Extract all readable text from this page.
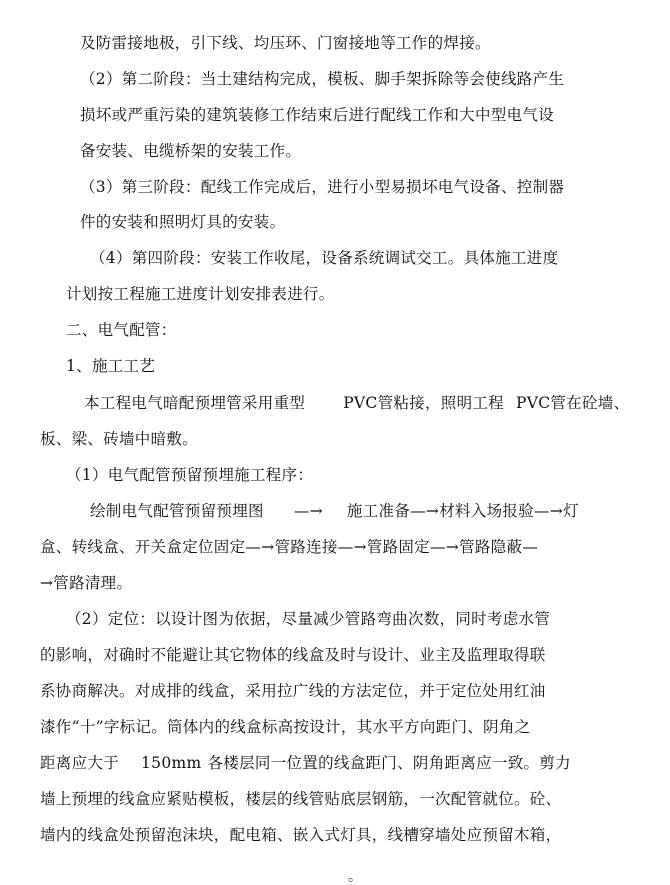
及防雷接地极，引下线、均压环、门窗接地等工作的焊接。
（2）第二阶段：当土建结构完成，模板、脚手架拆除等会使线路产生
损坏或严重污染的建筑装修工作结束后进行配线工作和大中型电气设
备安装、电缆桥架的安装工作。
（3）第三阶段：配线工作完成后，进行小型易损坏电气设备、控制器
件的安装和照明灯具的安装。
（4）第四阶段：安装工作收尾，设备系统调试交工。具体施工进度
计划按工程施工进度计划安排表进行。
二、电气配管：
1、施工工艺
本工程电气暗配预埋管采用重型 PVC管粘接，照明工程 PVC管在砼墙、
板、梁、砖墙中暗敷。
（1）电气配管预留预埋施工程序：
绘制电气配管预留预埋图 —→ 施工准备—→材料入场报验—→灯
盒、转线盒、开关盒定位固定—→管路连接—→管路固定—→管路隐蔽—
→管路清理。
（2）定位：以设计图为依据，尽量减少管路弯曲次数，同时考虑水管
的影响，对确时不能避让其它物体的线盒及时与设计、业主及监理取得联
系协商解决。对成排的线盒，采用拉广线的方法定位，并于定位处用红油
漆作“十”字标记。筒体内的线盒标高按设计，其水平方向距门、阴角之
距离应大于 150mm 各楼层同一位置的线盒距门、阴角距离应一致。剪力
墙上预埋的线盒应紧贴模板，楼层的线管贴底层钢筋，一次配管就位。砼、
墙内的线盒处预留泡沫块，配电箱、嵌入式灯具，线槽穿墙处应预留木箱，
。
